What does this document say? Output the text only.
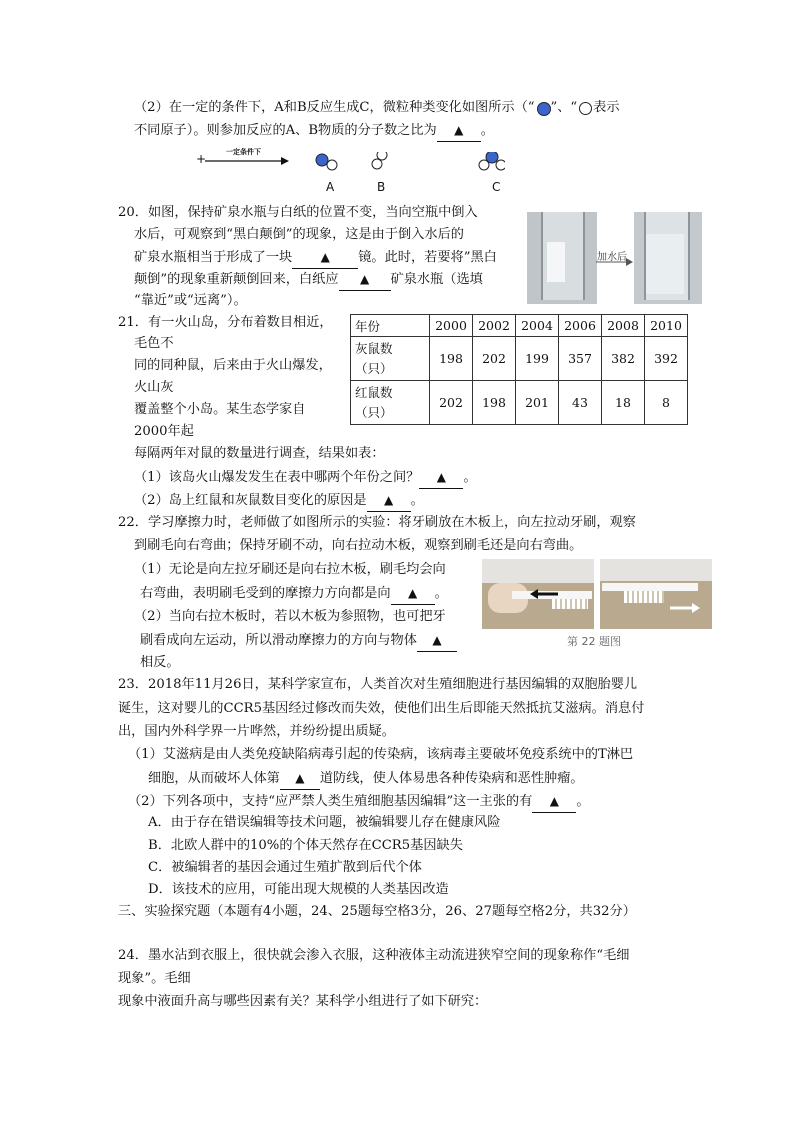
（2）在一定的条件下，A和B反应生成C，微粒种类变化如图所示（“ ”、“ 表示
不同原子）。则参加反应的A、B物质的分子数之比为 ▲ 。
+	一定条件下
A	B	C
20．如图，保持矿泉水瓶与白纸的位置不变，当向空瓶中倒入
水后，可观察到“黑白颠倒”的现象，这是由于倒入水后的
矿泉水瓶相当于形成了一块 ▲ 镜。此时，若要将”黑白
颠倒”的现象重新颠倒回来，白纸应 ▲ 矿泉水瓶（选填
“靠近”或“远离”）。
加水后
21．有一火山岛，分布着数目相近，
毛色不
同的同种鼠，后来由于火山爆发，
火山灰
覆盖整个小岛。某生态学家自
2000年起
每隔两年对鼠的数量进行调查，结果如表：
年份	2000	2002	2004	2006	2008	2010

灰鼠数
（只）	198	202	199	357	382	392

红鼠数
（只）	202	198	201	43	18	8
（1）该岛火山爆发发生在表中哪两个年份之间？ ▲ 。
（2）岛上红鼠和灰鼠数目变化的原因是 ▲ 。
22．学习摩擦力时，老师做了如图所示的实验：将牙刷放在木板上，向左拉动牙刷，观察
到刷毛向右弯曲；保持牙刷不动，向右拉动木板，观察到刷毛还是向右弯曲。
（1）无论是向左拉牙刷还是向右拉木板，刷毛均会向
右弯曲，表明刷毛受到的摩擦力方向都是向 ▲ 。
（2）当向右拉木板时，若以木板为参照物，也可把牙
刷看成向左运动，所以滑动摩擦力的方向与物体 ▲
相反。
第 22 题图
23．2018年11月26日，某科学家宣布，人类首次对生殖细胞进行基因编辑的双胞胎婴儿
诞生，这对婴儿的CCR5基因经过修改而失效，使他们出生后即能天然抵抗艾滋病。消息付
出，国内外科学界一片哗然，并纷纷提出质疑。
（1）艾滋病是由人类免疫缺陷病毒引起的传染病，该病毒主要破坏免疫系统中的T淋巴
细胞，从而破坏人体第 ▲ 道防线，使人体易患各种传染病和恶性肿瘤。
（2）下列各项中，支持“应严禁人类生殖细胞基因编辑”这一主张的有 ▲ 。
A．由于存在错误编辑等技术问题，被编辑婴儿存在健康风险
B．北欧人群中的10%的个体天然存在CCR5基因缺失
C．被编辑者的基因会通过生殖扩散到后代个体
D．该技术的应用，可能出现大规模的人类基因改造
三、实验探究题（本题有4小题，24、25题每空格3分，26、27题每空格2分，共32分）
24．墨水沾到衣服上，很快就会渗入衣服，这种液体主动流进狭窄空间的现象称作“毛细
现象”。毛细
现象中液面升高与哪些因素有关？某科学小组进行了如下研究：
